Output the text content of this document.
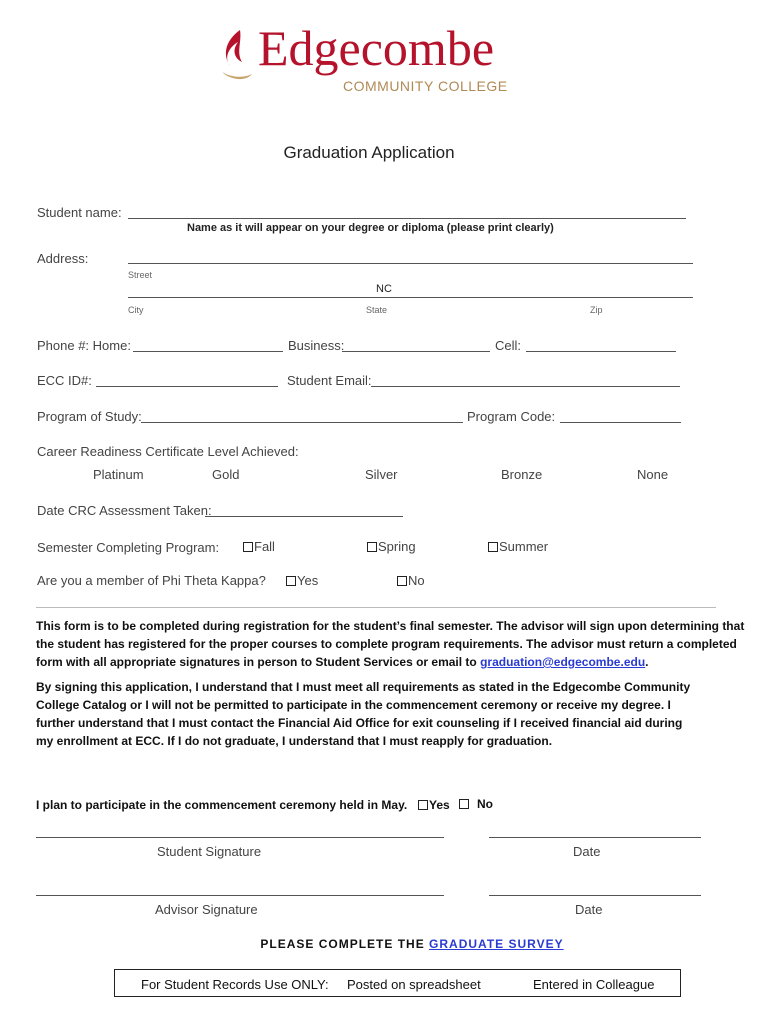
Edgecombe
COMMUNITY COLLEGE
Graduation Application
Student name:
Name as it will appear on your degree or diploma (please print clearly)
Address:
Street
NC
City	State	Zip
Phone #: Home:	Business:	Cell:
ECC ID#:	Student Email:
Program of Study:	Program Code:
Career Readiness Certificate Level Achieved:
Platinum	Gold	Silver	Bronze	None
Date CRC Assessment Taken:
Semester Completing Program:	Fall	Spring	Summer
Are you a member of Phi Theta Kappa?	Yes	No
This form is to be completed during registration for the student’s final semester. The advisor will sign upon determining that
the student has registered for the proper courses to complete program requirements. The advisor must return a completed
form with all appropriate signatures in person to Student Services or email to graduation@edgecombe.edu.
By signing this application, I understand that I must meet all requirements as stated in the Edgecombe Community
College Catalog or I will not be permitted to participate in the commencement ceremony or receive my degree. I
further understand that I must contact the Financial Aid Office for exit counseling if I received financial aid during
my enrollment at ECC. If I do not graduate, I understand that I must reapply for graduation.
I plan to participate in the commencement ceremony held in May.	Yes	No
Student Signature	Date
Advisor Signature	Date
PLEASE COMPLETE THE GRADUATE SURVEY
For Student Records Use ONLY: Posted on spreadsheet	Entered in Colleague
